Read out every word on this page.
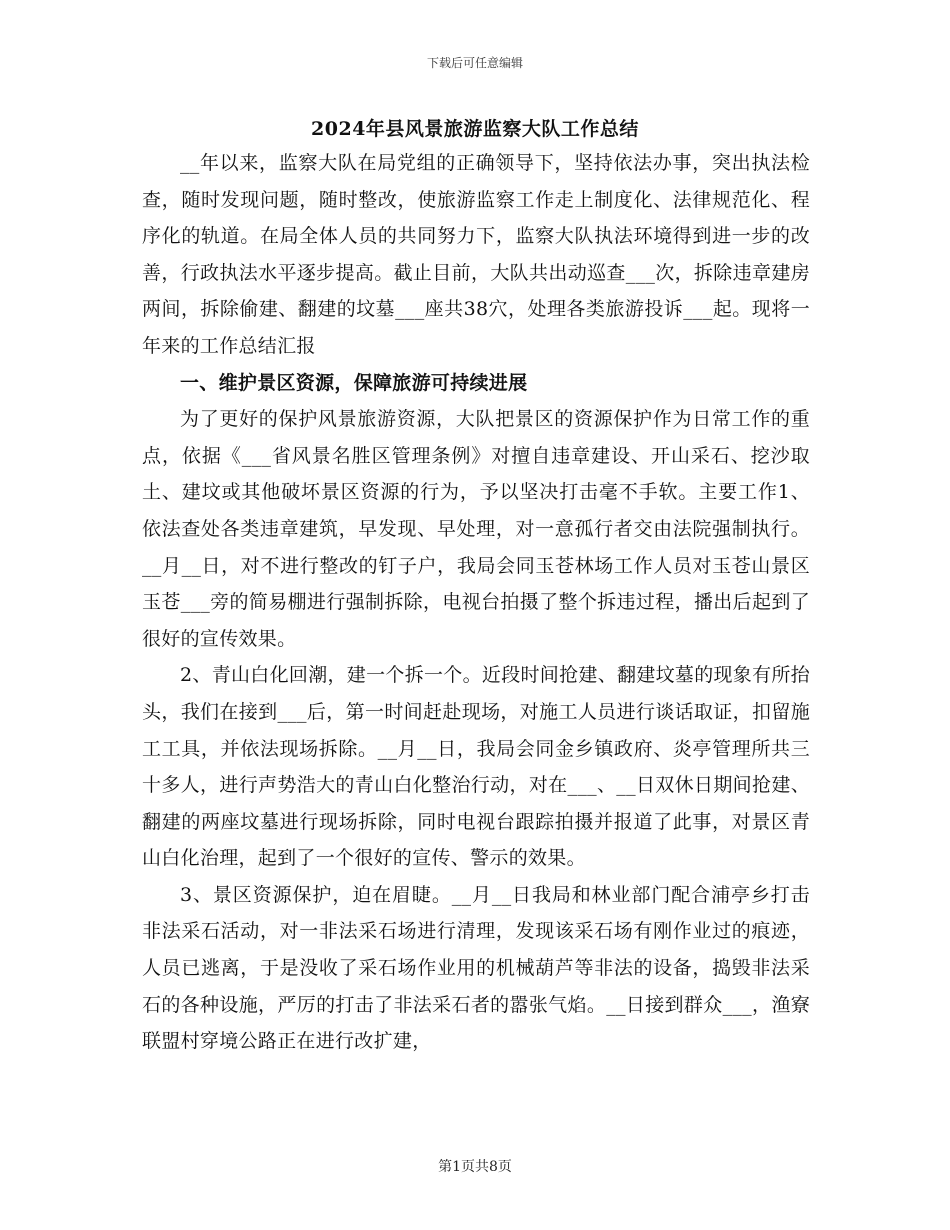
下载后可任意编辑
2024年县风景旅游监察大队工作总结

__年以来，监察大队在局党组的正确领导下，坚持依法办事，突出执法检查，随时发现问题，随时整改，使旅游监察工作走上制度化、法律规范化、程序化的轨道。在局全体人员的共同努力下，监察大队执法环境得到进一步的改善，行政执法水平逐步提高。截止目前，大队共出动巡查___次，拆除违章建房两间，拆除偷建、翻建的坟墓___座共38穴，处理各类旅游投诉___起。现将一年来的工作总结汇报

一、维护景区资源，保障旅游可持续进展

为了更好的保护风景旅游资源，大队把景区的资源保护作为日常工作的重点，依据《___省风景名胜区管理条例》对擅自违章建设、开山采石、挖沙取土、建坟或其他破坏景区资源的行为，予以坚决打击毫不手软。主要工作1、依法查处各类违章建筑，早发现、早处理，对一意孤行者交由法院强制执行。__月__日，对不进行整改的钉子户，我局会同玉苍林场工作人员对玉苍山景区玉苍___旁的简易棚进行强制拆除，电视台拍摄了整个拆违过程，播出后起到了很好的宣传效果。

2、青山白化回潮，建一个拆一个。近段时间抢建、翻建坟墓的现象有所抬头，我们在接到___后，第一时间赶赴现场，对施工人员进行谈话取证，扣留施工工具，并依法现场拆除。__月__日，我局会同金乡镇政府、炎亭管理所共三十多人，进行声势浩大的青山白化整治行动，对在___、__日双休日期间抢建、翻建的两座坟墓进行现场拆除，同时电视台跟踪拍摄并报道了此事，对景区青山白化治理，起到了一个很好的宣传、警示的效果。

3、景区资源保护，迫在眉睫。__月__日我局和林业部门配合浦亭乡打击非法采石活动，对一非法采石场进行清理，发现该采石场有刚作业过的痕迹，人员已逃离，于是没收了采石场作业用的机械葫芦等非法的设备，捣毁非法采石的各种设施，严厉的打击了非法采石者的嚣张气焰。__日接到群众___，渔寮联盟村穿境公路正在进行改扩建，

第1页共8页
